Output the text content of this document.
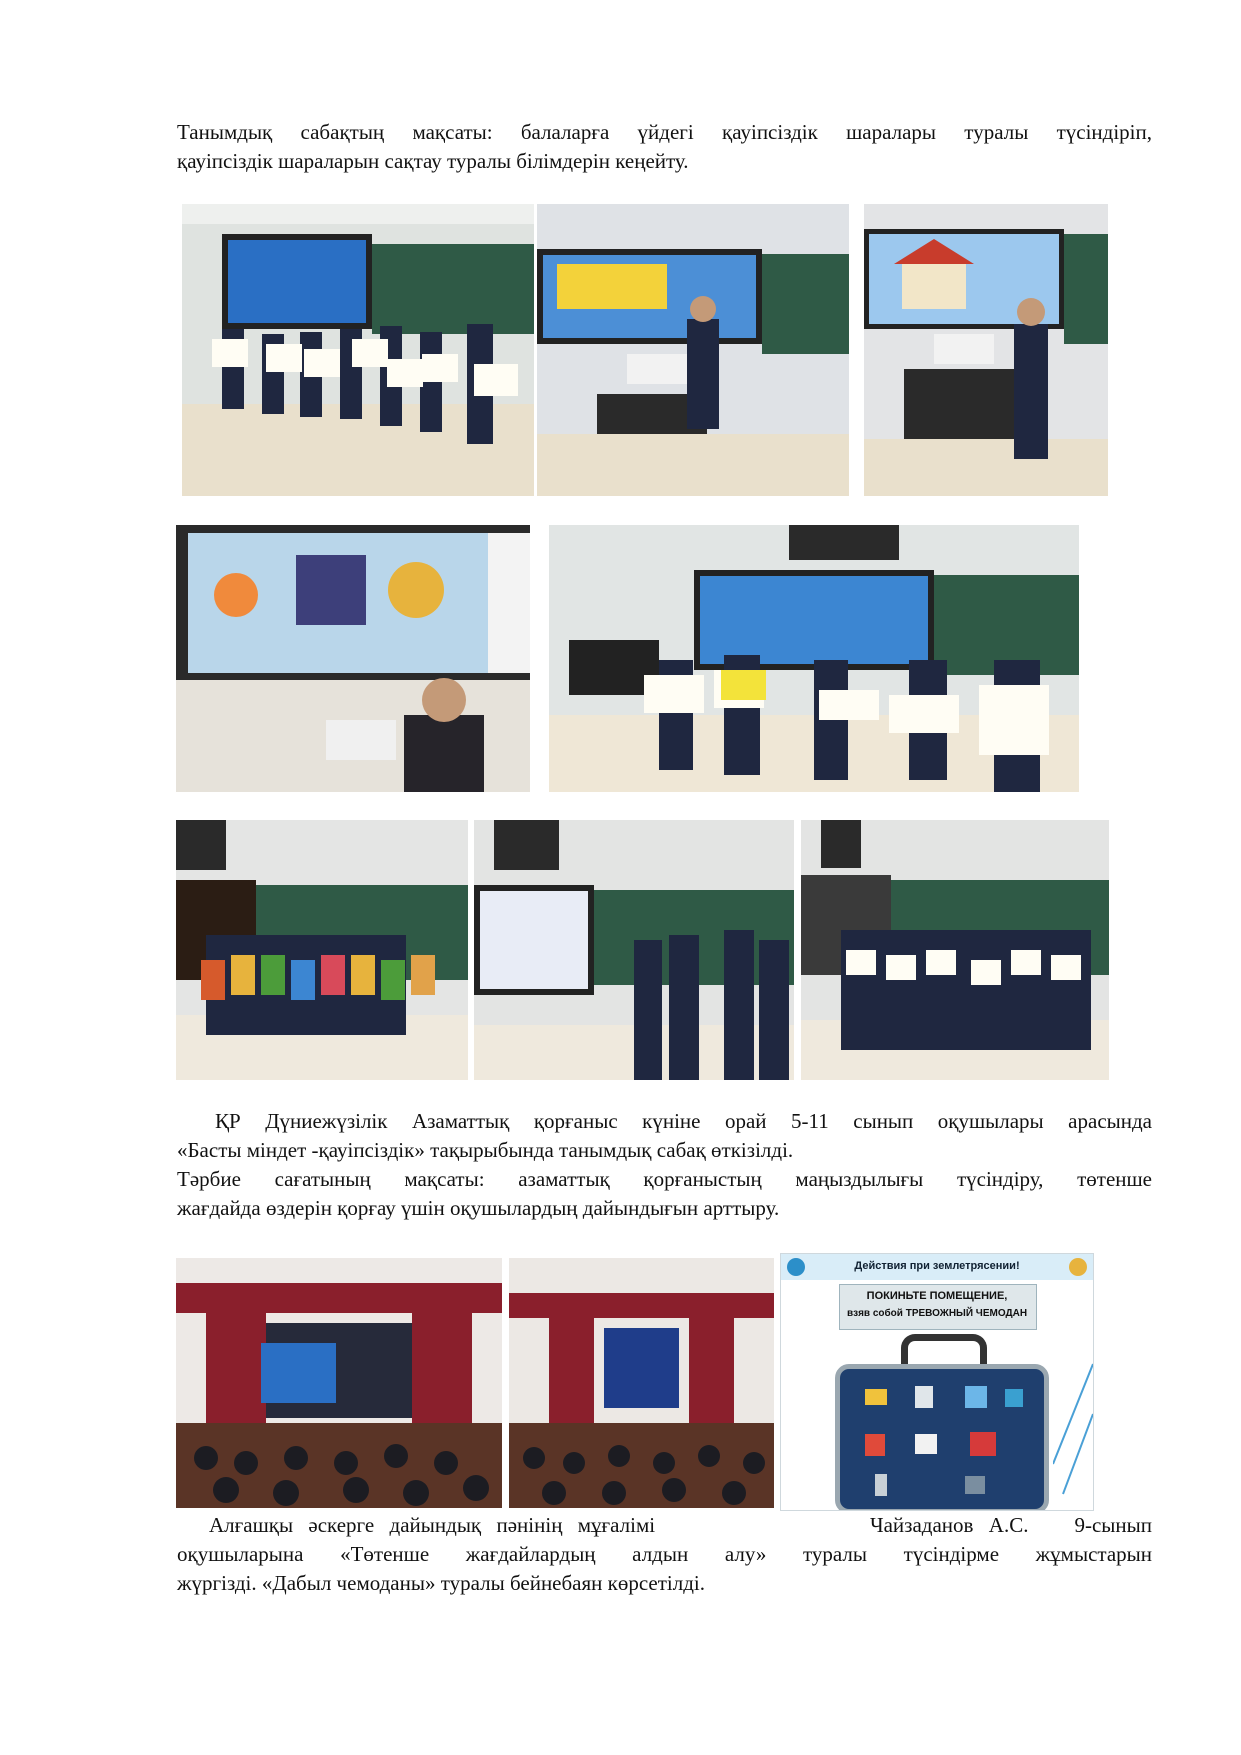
Танымдық сабақтың мақсаты: балаларға үйдегі қауіпсіздік шаралары туралы түсіндіріп,
қауіпсіздік шараларын сақтау туралы білімдерін кеңейту.
ҚР Дүниежүзілік Азаматтық қорғаныс күніне орай 5-11 сынып оқушылары арасында
«Басты міндет -қауіпсіздік» тақырыбында танымдық сабақ өткізілді.
Тәрбие сағатының мақсаты: азаматтық қорғаныстың маңыздылығы түсіндіру, төтенше
жағдайда өздерін қорғау үшін оқушылардың дайындығын арттыру.
Действия при землетрясении!
ПОКИНЬТЕ ПОМЕЩЕНИЕ,
взяв собой ТРЕВОЖНЫЙ ЧЕМОДАН
Алғашқы әскерге дайындық пәнінің мұғалімі              Чайзаданов А.С.   9-сынып
оқушыларына «Төтенше жағдайлардың алдын алу» туралы түсіндірме жұмыстарын
жүргізді. «Дабыл чемоданы» туралы бейнебаян көрсетілді.
